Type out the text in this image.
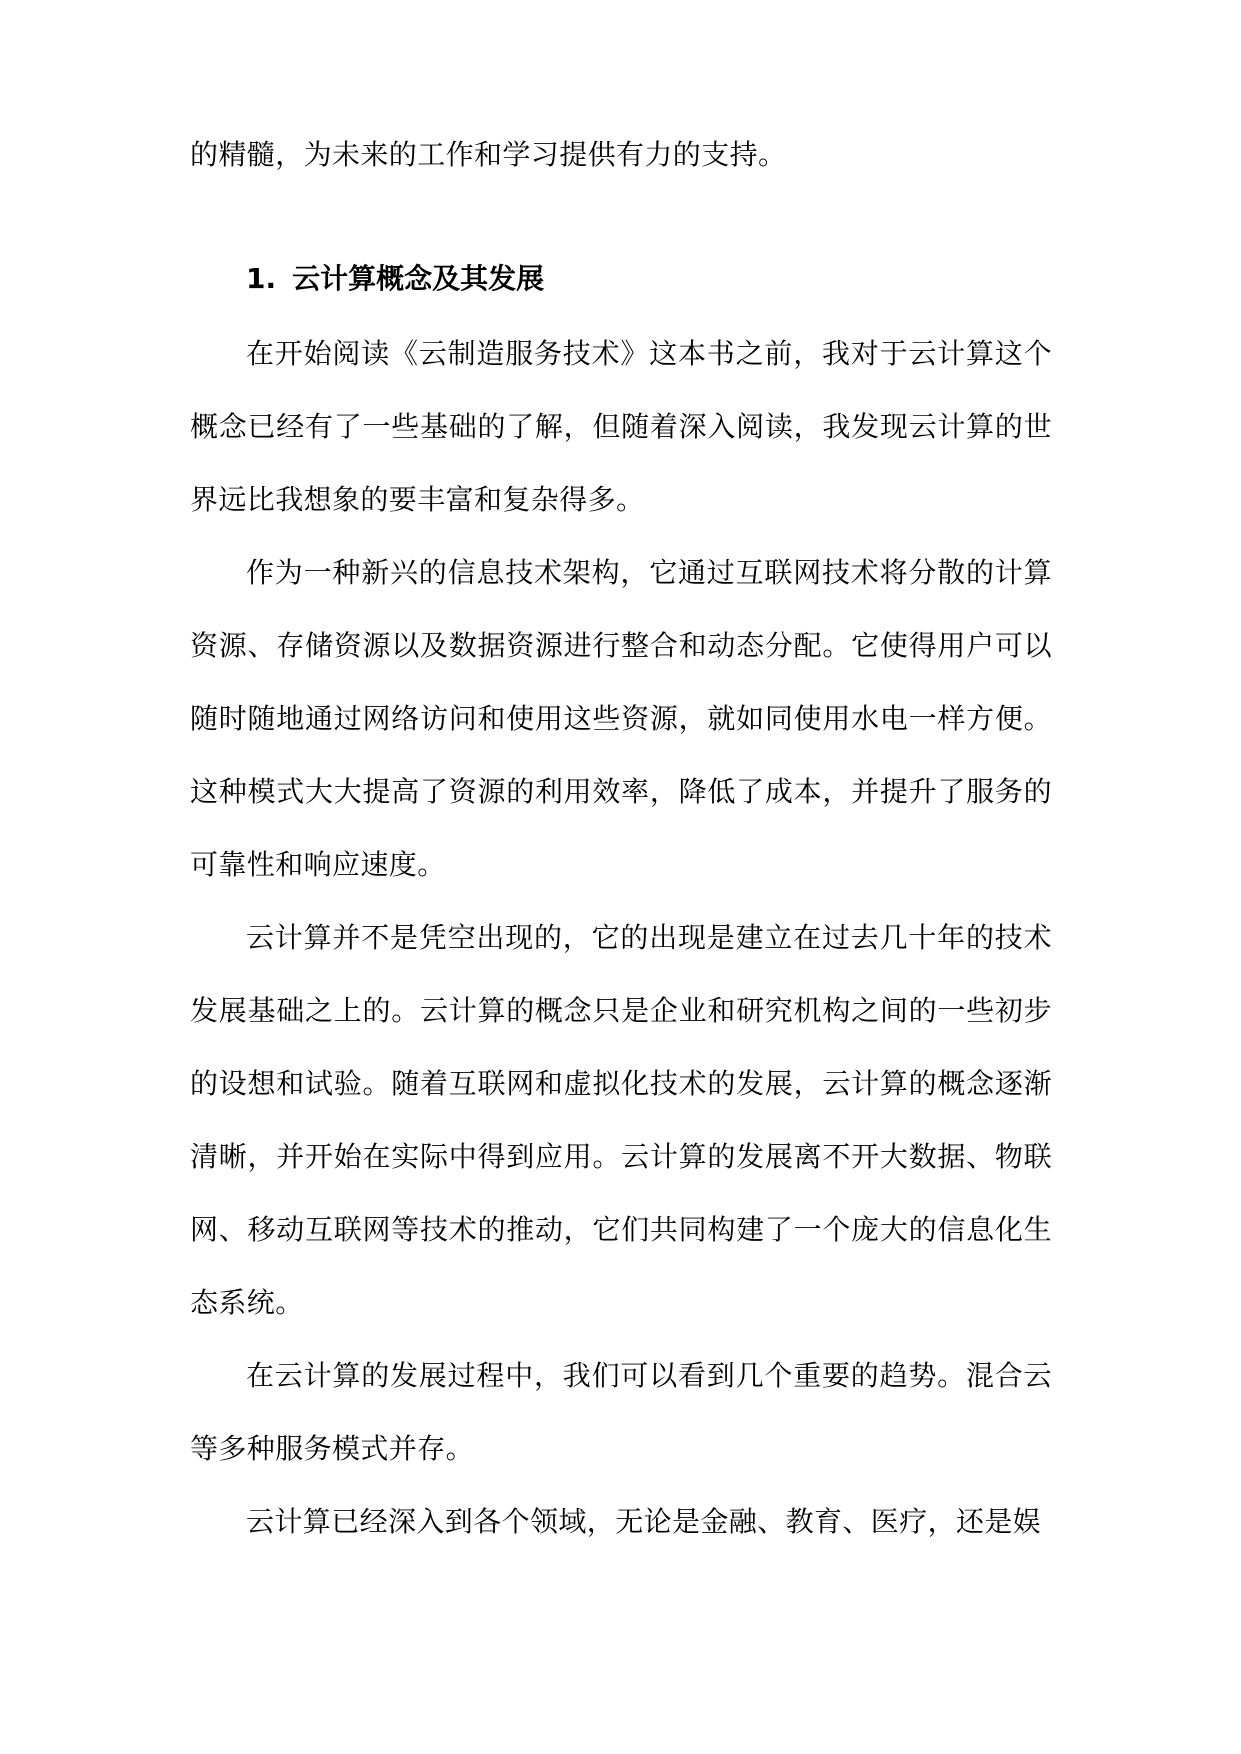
的精髓，为未来的工作和学习提供有力的支持。

1. 云计算概念及其发展

在开始阅读《云制造服务技术》这本书之前，我对于云计算这个概念已经有了一些基础的了解，但随着深入阅读，我发现云计算的世界远比我想象的要丰富和复杂得多。

作为一种新兴的信息技术架构，它通过互联网技术将分散的计算资源、存储资源以及数据资源进行整合和动态分配。它使得用户可以随时随地通过网络访问和使用这些资源，就如同使用水电一样方便。这种模式大大提高了资源的利用效率，降低了成本，并提升了服务的可靠性和响应速度。

云计算并不是凭空出现的，它的出现是建立在过去几十年的技术发展基础之上的。云计算的概念只是企业和研究机构之间的一些初步的设想和试验。随着互联网和虚拟化技术的发展，云计算的概念逐渐清晰，并开始在实际中得到应用。云计算的发展离不开大数据、物联网、移动互联网等技术的推动，它们共同构建了一个庞大的信息化生态系统。

在云计算的发展过程中，我们可以看到几个重要的趋势。混合云等多种服务模式并存。

云计算已经深入到各个领域，无论是金融、教育、医疗，还是娱
